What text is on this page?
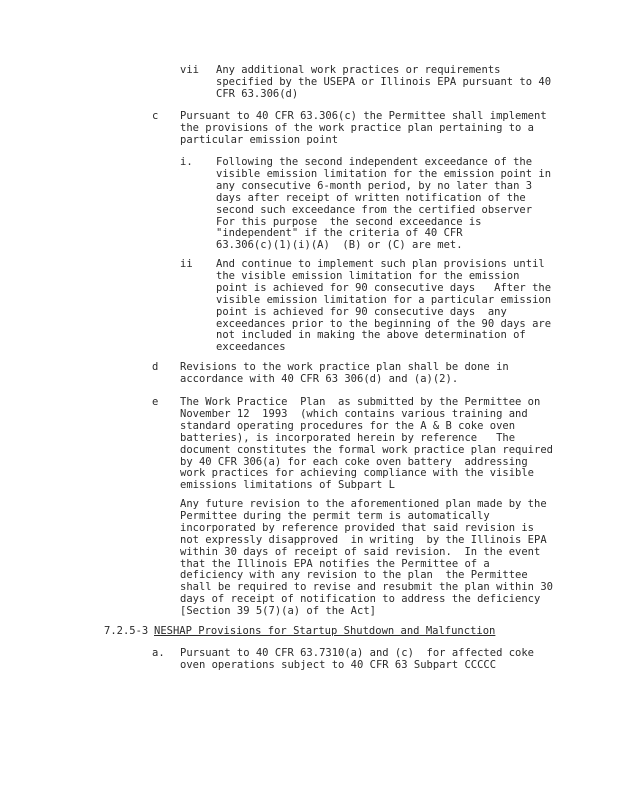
vii Any additional work practices or requirements
specified by the USEPA or Illinois EPA pursuant to 40
CFR 63.306(d)
c Pursuant to 40 CFR 63.306(c) the Permittee shall implement
the provisions of the work practice plan pertaining to a
particular emission point
i. Following the second independent exceedance of the
visible emission limitation for the emission point in
any consecutive 6-month period, by no later than 3
days after receipt of written notification of the
second such exceedance from the certified observer
For this purpose  the second exceedance is
"independent" if the criteria of 40 CFR
63.306(c)(1)(i)(A)  (B) or (C) are met.
ii And continue to implement such plan provisions until
the visible emission limitation for the emission
point is achieved for 90 consecutive days   After the
visible emission limitation for a particular emission
point is achieved for 90 consecutive days  any
exceedances prior to the beginning of the 90 days are
not included in making the above determination of
exceedances
d Revisions to the work practice plan shall be done in
accordance with 40 CFR 63 306(d) and (a)(2).
e The Work Practice  Plan  as submitted by the Permittee on
November 12  1993  (which contains various training and
standard operating procedures for the A & B coke oven
batteries), is incorporated herein by reference   The
document constitutes the formal work practice plan required
by 40 CFR 306(a) for each coke oven battery  addressing
work practices for achieving compliance with the visible
emissions limitations of Subpart L
Any future revision to the aforementioned plan made by the
Permittee during the permit term is automatically
incorporated by reference provided that said revision is
not expressly disapproved  in writing  by the Illinois EPA
within 30 days of receipt of said revision.  In the event
that the Illinois EPA notifies the Permittee of a
deficiency with any revision to the plan  the Permittee
shall be required to revise and resubmit the plan within 30
days of receipt of notification to address the deficiency
[Section 39 5(7)(a) of the Act]
7.2.5-3 NESHAP Provisions for Startup Shutdown and Malfunction
a. Pursuant to 40 CFR 63.7310(a) and (c)  for affected coke
oven operations subject to 40 CFR 63 Subpart CCCCC
